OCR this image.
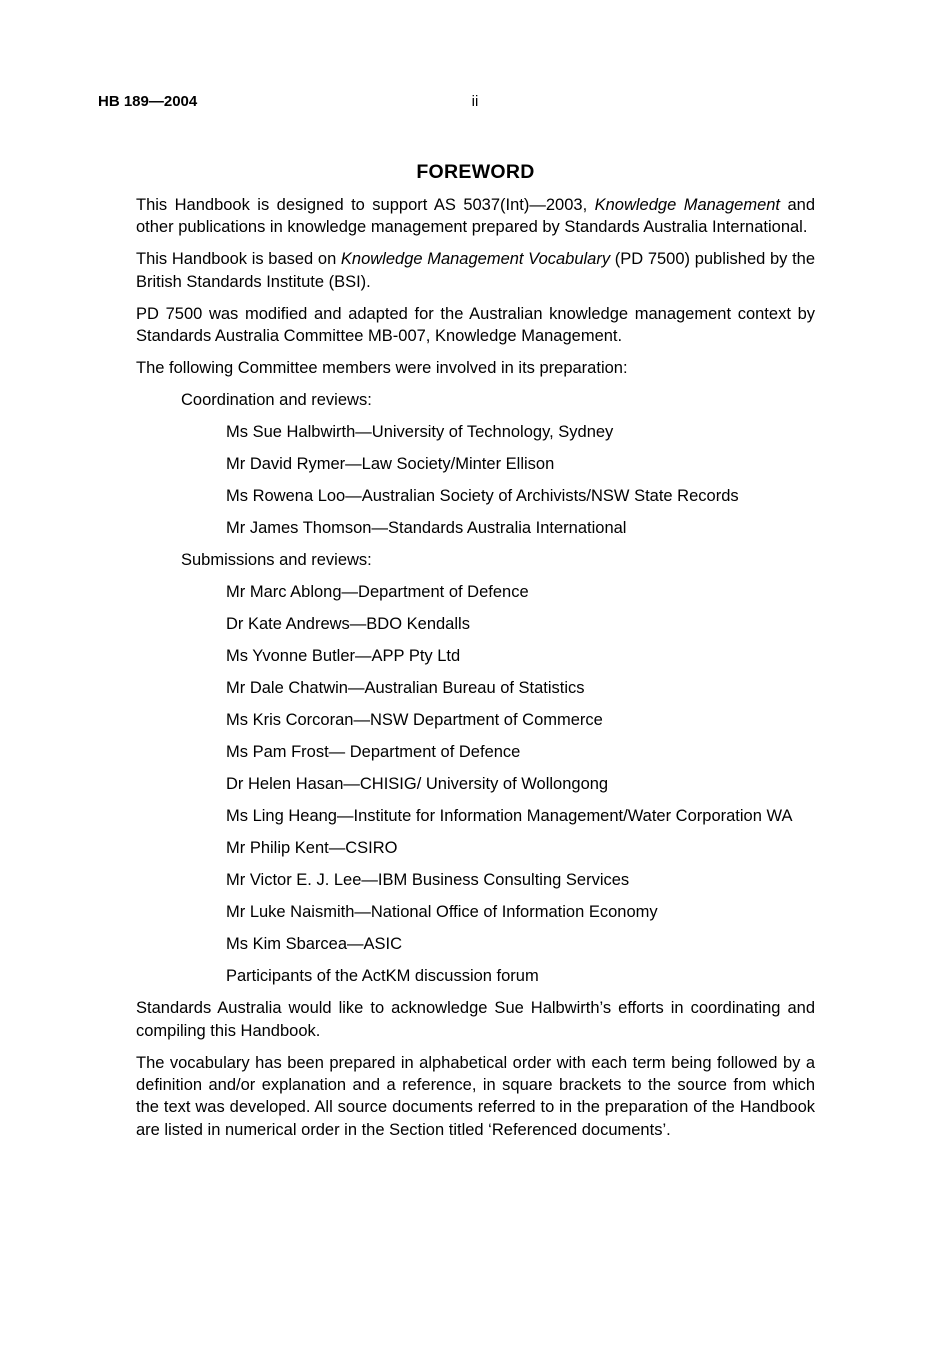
HB 189—2004	ii
FOREWORD

This Handbook is designed to support AS 5037(Int)—2003, Knowledge Management and other publications in knowledge management prepared by Standards Australia International.

This Handbook is based on Knowledge Management Vocabulary (PD 7500) published by the British Standards Institute (BSI).

PD 7500 was modified and adapted for the Australian knowledge management context by Standards Australia Committee MB-007, Knowledge Management.

The following Committee members were involved in its preparation:

Coordination and reviews:

Ms Sue Halbwirth—University of Technology, Sydney

Mr David Rymer—Law Society/Minter Ellison

Ms Rowena Loo—Australian Society of Archivists/NSW State Records

Mr James Thomson—Standards Australia International

Submissions and reviews:

Mr Marc Ablong—Department of Defence

Dr Kate Andrews—BDO Kendalls

Ms Yvonne Butler—APP Pty Ltd

Mr Dale Chatwin—Australian Bureau of Statistics

Ms Kris Corcoran—NSW Department of Commerce

Ms Pam Frost— Department of Defence

Dr Helen Hasan—CHISIG/ University of Wollongong

Ms Ling Heang—Institute for Information Management/Water Corporation WA

Mr Philip Kent—CSIRO

Mr Victor E. J. Lee—IBM Business Consulting Services

Mr Luke Naismith—National Office of Information Economy

Ms Kim Sbarcea—ASIC

Participants of the ActKM discussion forum

Standards Australia would like to acknowledge Sue Halbwirth’s efforts in coordinating and compiling this Handbook.

The vocabulary has been prepared in alphabetical order with each term being followed by a definition and/or explanation and a reference, in square brackets to the source from which the text was developed. All source documents referred to in the preparation of the Handbook are listed in numerical order in the Section titled ‘Referenced documents’.
